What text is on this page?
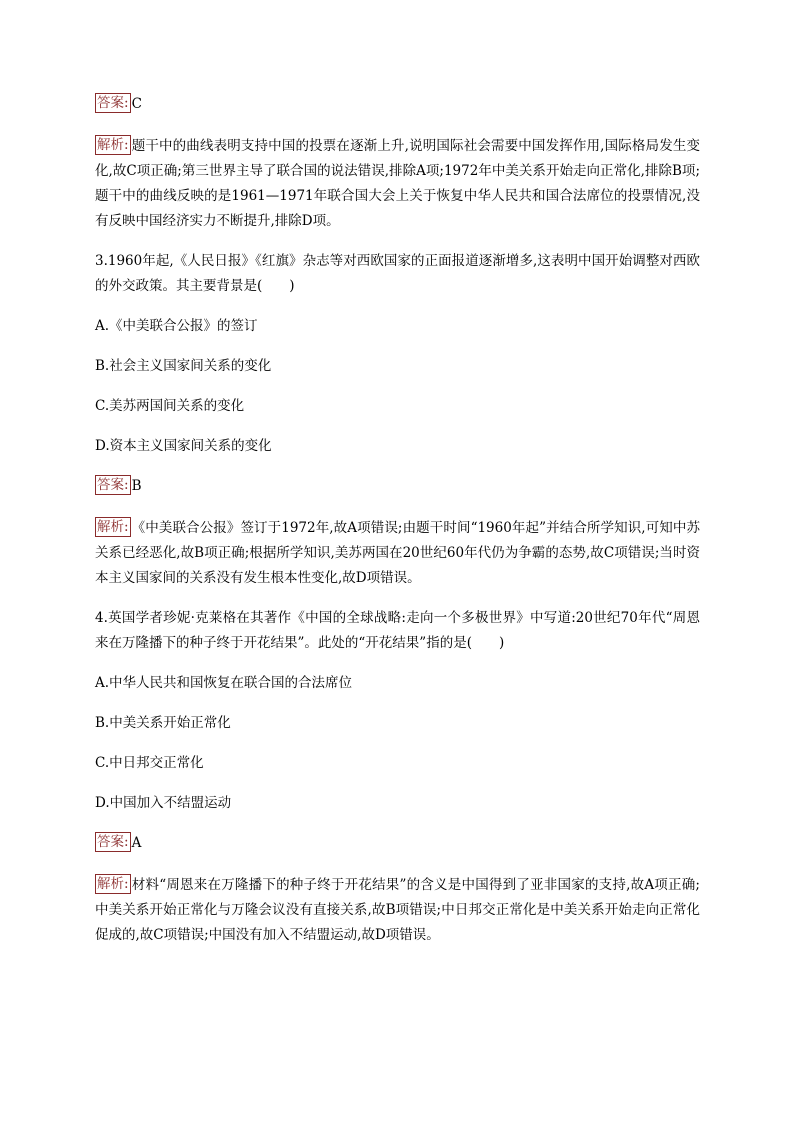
答案: C
解析: 题干中的曲线表明支持中国的投票在逐渐上升,说明国际社会需要中国发挥作用,国际格局发生变化,故C项正确;第三世界主导了联合国的说法错误,排除A项;1972年中美关系开始走向正常化,排除B项;题干中的曲线反映的是1961—1971年联合国大会上关于恢复中华人民共和国合法席位的投票情况,没有反映中国经济实力不断提升,排除D项。
3.1960年起,《人民日报》《红旗》杂志等对西欧国家的正面报道逐渐增多,这表明中国开始调整对西欧的外交政策。其主要背景是(　　)
A.《中美联合公报》的签订
B.社会主义国家间关系的变化
C.美苏两国间关系的变化
D.资本主义国家间关系的变化
答案: B
解析: 《中美联合公报》签订于1972年,故A项错误;由题干时间“1960年起”并结合所学知识,可知中苏关系已经恶化,故B项正确;根据所学知识,美苏两国在20世纪60年代仍为争霸的态势,故C项错误;当时资本主义国家间的关系没有发生根本性变化,故D项错误。
4.英国学者珍妮·克莱格在其著作《中国的全球战略:走向一个多极世界》中写道:20世纪70年代“周恩来在万隆播下的种子终于开花结果”。此处的“开花结果”指的是(　　)
A.中华人民共和国恢复在联合国的合法席位
B.中美关系开始正常化
C.中日邦交正常化
D.中国加入不结盟运动
答案: A
解析: 材料“周恩来在万隆播下的种子终于开花结果”的含义是中国得到了亚非国家的支持,故A项正确;中美关系开始正常化与万隆会议没有直接关系,故B项错误;中日邦交正常化是中美关系开始走向正常化促成的,故C项错误;中国没有加入不结盟运动,故D项错误。
